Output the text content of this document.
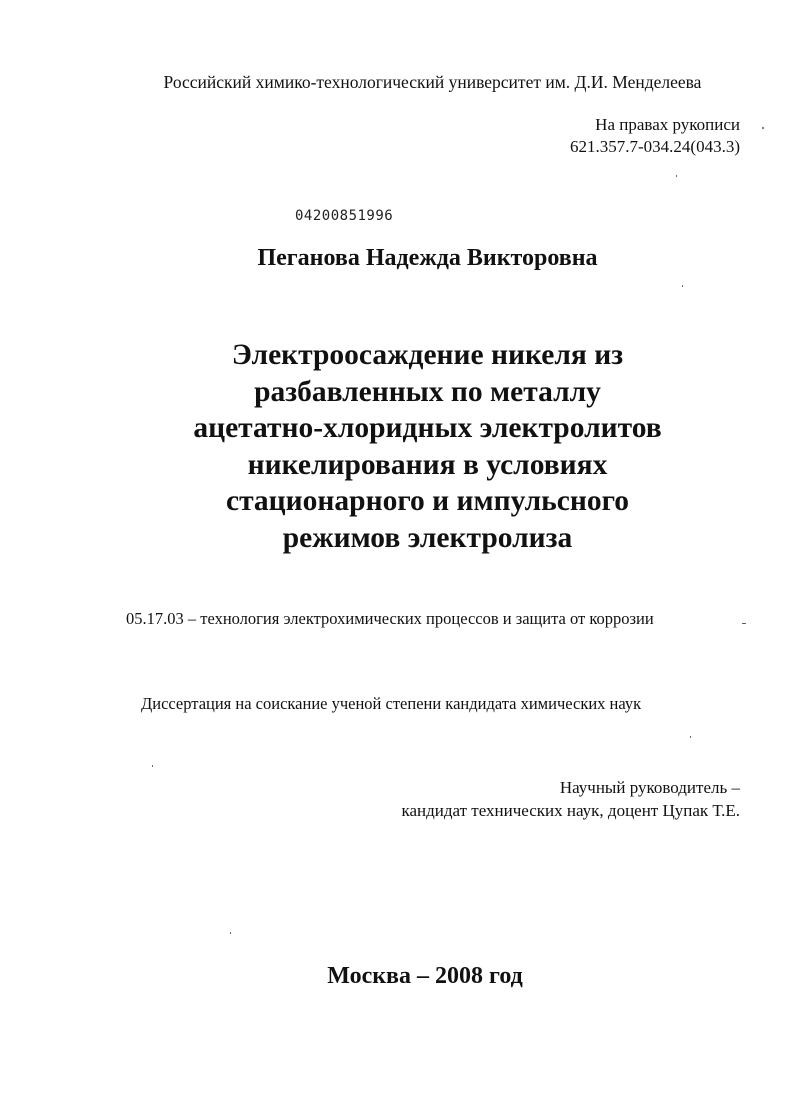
Российский химико-технологический университет им. Д.И. Менделеева
На правах рукописи
621.357.7-034.24(043.3)
04200851996
Пеганова Надежда Викторовна
Электроосаждение никеля из
разбавленных по металлу
ацетатно-хлоридных электролитов
никелирования в условиях
стационарного и импульсного
режимов электролиза
05.17.03 – технология электрохимических процессов и защита от коррозии
Диссертация на соискание ученой степени кандидата химических наук
Научный руководитель –
кандидат технических наук, доцент Цупак Т.Е.
Москва – 2008 год
